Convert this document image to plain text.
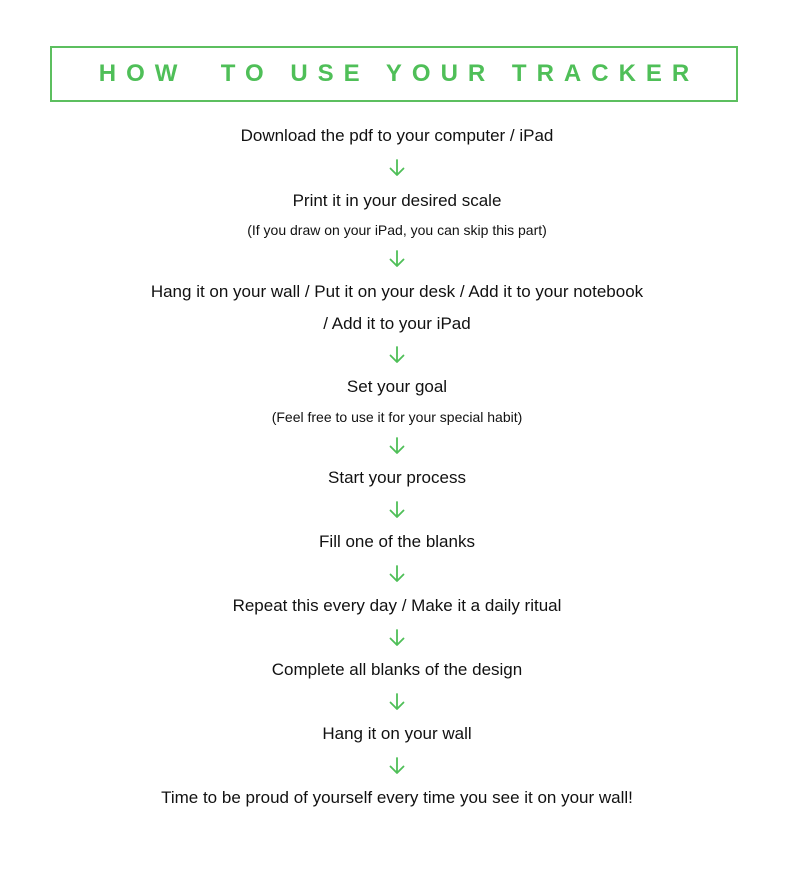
HOW  TO USE YOUR TRACKER
Download the pdf to your computer / iPad
Print it in your desired scale
(If you draw on your iPad, you can skip this part)
Hang it on your wall / Put it on your desk / Add it to your notebook
/ Add it to your iPad
Set your goal
(Feel free to use it for your special habit)
Start your process
Fill one of the blanks
Repeat this every day / Make it a daily ritual
Complete all blanks of the design
Hang it on your wall
Time to be proud of yourself every time you see it on your wall!
